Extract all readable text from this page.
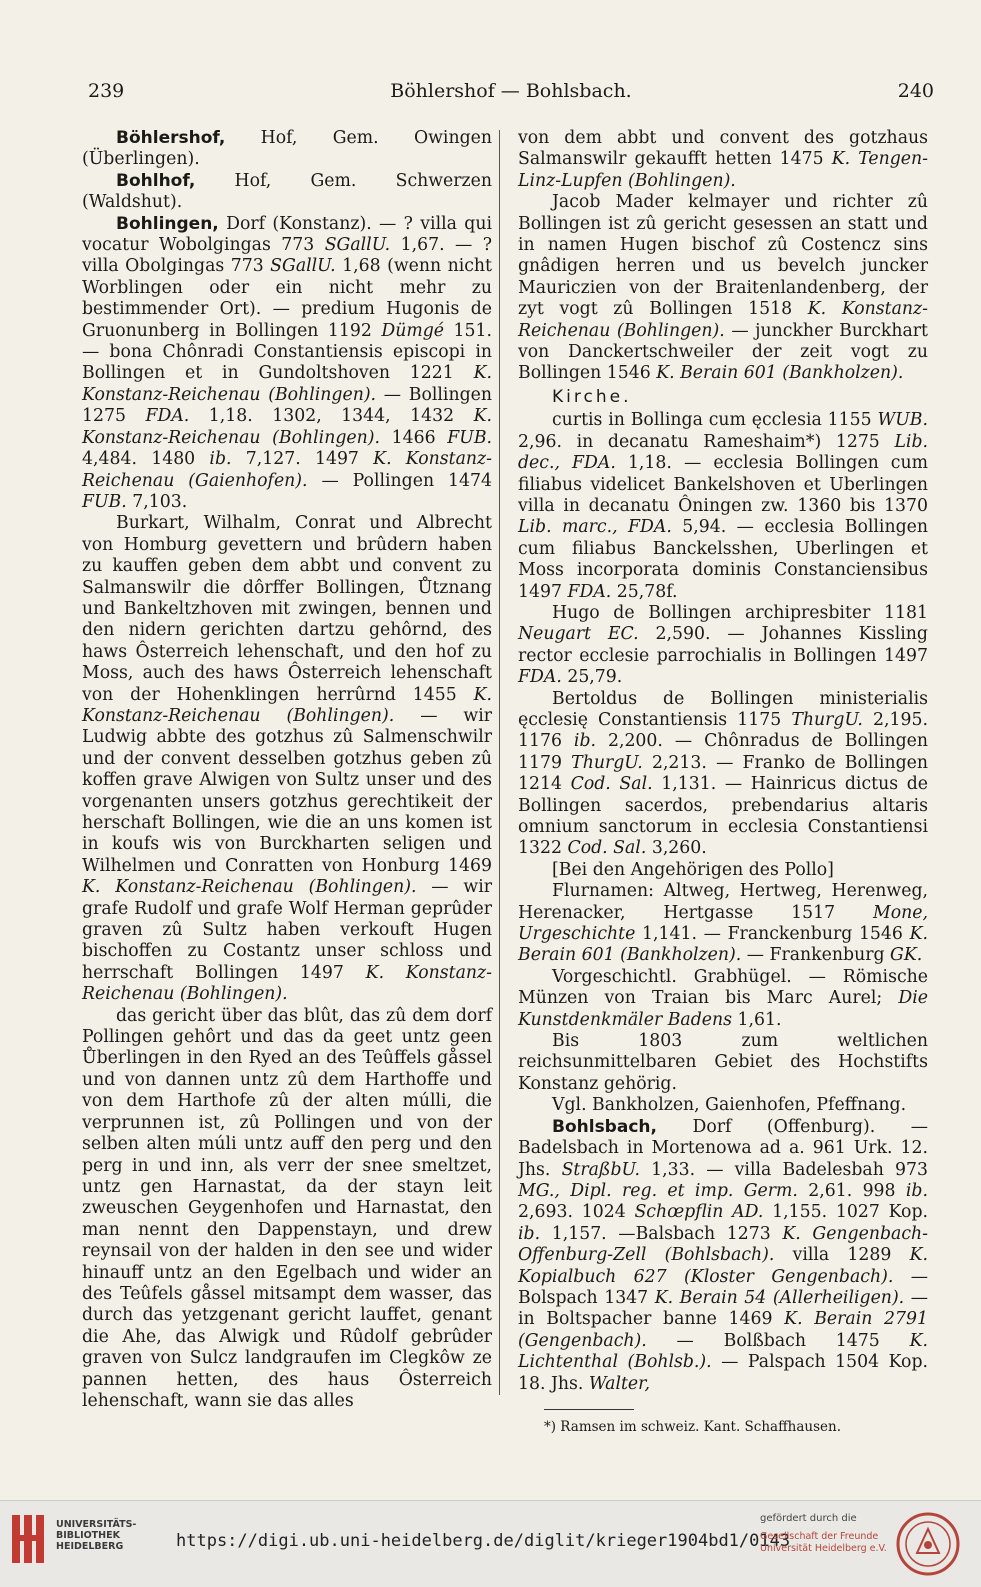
239	Böhlershof — Bohlsbach.	240

Böhlershof, Hof, Gem. Owingen (Überlingen).

Bohlhof, Hof, Gem. Schwerzen (Waldshut).

Bohlingen, Dorf (Konstanz). — ? villa qui vocatur Wobolgingas 773 SGallU. 1,67. — ? villa Obolgingas 773 SGallU. 1,68 (wenn nicht Worblingen oder ein nicht mehr zu bestimmender Ort). — predium Hugonis de Gruonunberg in Bollingen 1192 Dümgé 151. — bona Chônradi Constantiensis episcopi in Bollingen et in Gundoltshoven 1221 K. Konstanz-Reichenau (Bohlingen). — Bollingen 1275 FDA. 1,18. 1302, 1344, 1432 K. Konstanz-Reichenau (Bohlingen). 1466 FUB. 4,484. 1480 ib. 7,127. 1497 K. Konstanz-Reichenau (Gaienhofen). — Pollingen 1474 FUB. 7,103.

Burkart, Wilhalm, Conrat und Albrecht von Homburg gevettern und brûdern haben zu kauffen geben dem abbt und convent zu Salmanswilr die dôrffer Bollingen, Ůtznang und Bankeltzhoven mit zwingen, bennen und den nidern gerichten dartzu gehôrnd, des haws Ôsterreich lehenschaft, und den hof zu Moss, auch des haws Ôsterreich lehenschaft von der Hohenklingen herrûrnd 1455 K. Konstanz-Reichenau (Bohlingen). — wir Ludwig abbte des gotzhus zû Salmenschwilr und der convent desselben gotzhus geben zû koffen grave Alwigen von Sultz unser und des vorgenanten unsers gotzhus gerechtikeit der herschaft Bollingen, wie die an uns komen ist in koufs wis von Burckharten seligen und Wilhelmen und Conratten von Honburg 1469 K. Konstanz-Reichenau (Bohlingen). — wir grafe Rudolf und grafe Wolf Herman geprûder graven zû Sultz haben verkouft Hugen bischoffen zu Costantz unser schloss und herrschaft Bollingen 1497 K. Konstanz-Reichenau (Bohlingen).

das gericht über das blût, das zû dem dorf Pollingen gehôrt und das da geet untz geen Ůberlingen in den Ryed an des Teûffels gåssel und von dannen untz zû dem Harthoffe und von dem Harthofe zû der alten múlli, die verprunnen ist, zû Pollingen und von der selben alten múli untz auff den perg und den perg in und inn, als verr der snee smeltzet, untz gen Harnastat, da der stayn leit zweuschen Geygenhofen und Harnastat, den man nennt den Dappenstayn, und drew reynsail von der halden in den see und wider hinauff untz an den Egelbach und wider an des Teûfels gåssel mitsampt dem wasser, das durch das yetzgenant gericht lauffet, genant die Ahe, das Alwigk und Rûdolf gebrûder graven von Sulcz landgraufen im Clegkôw ze pannen hetten, des haus Ôsterreich lehenschaft, wann sie das alles

von dem abbt und convent des gotzhaus Salmanswilr gekaufft hetten 1475 K. Tengen-Linz-Lupfen (Bohlingen).

Jacob Mader kelmayer und richter zû Bollingen ist zû gericht gesessen an statt und in namen Hugen bischof zû Costencz sins gnâdigen herren und us bevelch juncker Mauriczien von der Braitenlandenberg, der zyt vogt zû Bollingen 1518 K. Konstanz-Reichenau (Bohlingen). — junckher Burckhart von Danckertschweiler der zeit vogt zu Bollingen 1546 K. Berain 601 (Bankholzen).

Kirche.

curtis in Bollinga cum ęcclesia 1155 WUB. 2,96. in decanatu Rameshaim*) 1275 Lib. dec., FDA. 1,18. — ecclesia Bollingen cum filiabus videlicet Bankelshoven et Uberlingen villa in decanatu Ôningen zw. 1360 bis 1370 Lib. marc., FDA. 5,94. — ecclesia Bollingen cum filiabus Banckelsshen, Uberlingen et Moss incorporata dominis Constanciensibus 1497 FDA. 25,78f.

Hugo de Bollingen archipresbiter 1181 Neugart EC. 2,590. — Johannes Kissling rector ecclesie parrochialis in Bollingen 1497 FDA. 25,79.

Bertoldus de Bollingen ministerialis ęcclesię Constantiensis 1175 ThurgU. 2,195. 1176 ib. 2,200. — Chônradus de Bollingen 1179 ThurgU. 2,213. — Franko de Bollingen 1214 Cod. Sal. 1,131. — Hainricus dictus de Bollingen sacerdos, prebendarius altaris omnium sanctorum in ecclesia Constantiensi 1322 Cod. Sal. 3,260.

[Bei den Angehörigen des Pollo]

Flurnamen: Altweg, Hertweg, Herenweg, Herenacker, Hertgasse 1517 Mone, Urgeschichte 1,141. — Franckenburg 1546 K. Berain 601 (Bankholzen). — Frankenburg GK.

Vorgeschichtl. Grabhügel. — Römische Münzen von Traian bis Marc Aurel; Die Kunstdenkmäler Badens 1,61.

Bis 1803 zum weltlichen reichsunmittelbaren Gebiet des Hochstifts Konstanz gehörig.

Vgl. Bankholzen, Gaienhofen, Pfeffnang.

Bohlsbach, Dorf (Offenburg). — Badelsbach in Mortenowa ad a. 961 Urk. 12. Jhs. StraßbU. 1,33. — villa Badelesbah 973 MG., Dipl. reg. et imp. Germ. 2,61. 998 ib. 2,693. 1024 Schœpflin AD. 1,155. 1027 Kop. ib. 1,157. —Balsbach 1273 K. Gengenbach-Offenburg-Zell (Bohlsbach). villa 1289 K. Kopialbuch 627 (Kloster Gengenbach). — Bolspach 1347 K. Berain 54 (Allerheiligen). — in Boltspacher banne 1469 K. Berain 2791 (Gengenbach). — Bolßbach 1475 K. Lichtenthal (Bohlsb.). — Palspach 1504 Kop. 18. Jhs. Walter,

*) Ramsen im schweiz. Kant. Schaffhausen.

UNIVERSITÄTS-
BIBLIOTHEK
HEIDELBERG	https://digi.ub.uni-heidelberg.de/diglit/krieger1904bd1/0143
gefördert durch die
Gesellschaft der Freunde
Universität Heidelberg e.V.
